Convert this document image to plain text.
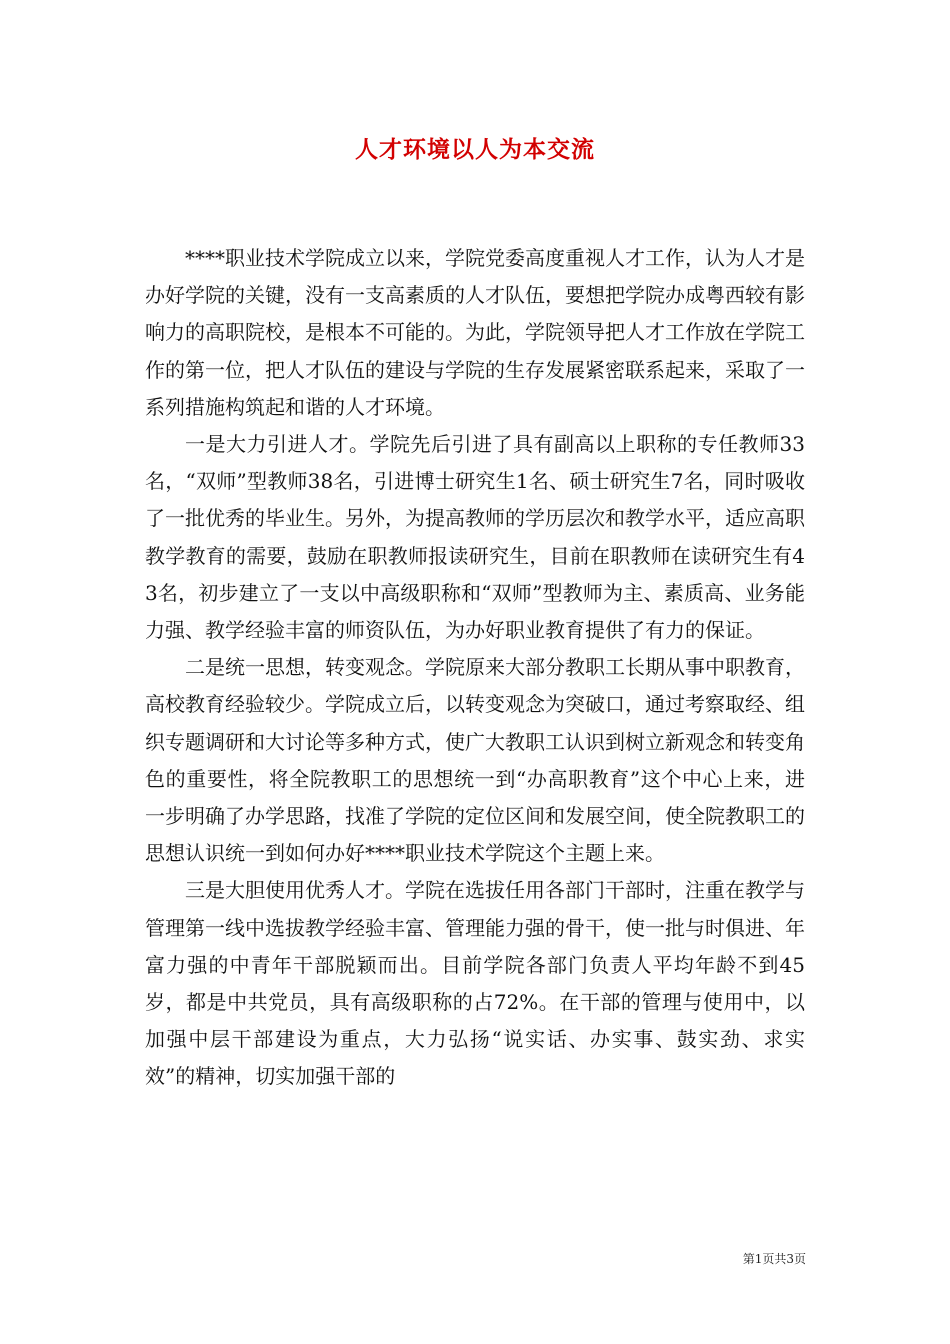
人才环境以人为本交流

****职业技术学院成立以来，学院党委高度重视人才工作，认为人才是办好学院的关键，没有一支高素质的人才队伍，要想把学院办成粤西较有影响力的高职院校，是根本不可能的。为此，学院领导把人才工作放在学院工作的第一位，把人才队伍的建设与学院的生存发展紧密联系起来，采取了一系列措施构筑起和谐的人才环境。

一是大力引进人才。学院先后引进了具有副高以上职称的专任教师33名，“双师”型教师38名，引进博士研究生1名、硕士研究生7名，同时吸收了一批优秀的毕业生。另外，为提高教师的学历层次和教学水平，适应高职教学教育的需要，鼓励在职教师报读研究生，目前在职教师在读研究生有43名，初步建立了一支以中高级职称和“双师”型教师为主、素质高、业务能力强、教学经验丰富的师资队伍，为办好职业教育提供了有力的保证。

二是统一思想，转变观念。学院原来大部分教职工长期从事中职教育，高校教育经验较少。学院成立后，以转变观念为突破口，通过考察取经、组织专题调研和大讨论等多种方式，使广大教职工认识到树立新观念和转变角色的重要性，将全院教职工的思想统一到“办高职教育”这个中心上来，进一步明确了办学思路，找准了学院的定位区间和发展空间，使全院教职工的思想认识统一到如何办好****职业技术学院这个主题上来。

三是大胆使用优秀人才。学院在选拔任用各部门干部时，注重在教学与管理第一线中选拔教学经验丰富、管理能力强的骨干，使一批与时俱进、年富力强的中青年干部脱颖而出。目前学院各部门负责人平均年龄不到45岁，都是中共党员，具有高级职称的占72%。在干部的管理与使用中，以加强中层干部建设为重点，大力弘扬“说实话、办实事、鼓实劲、求实效”的精神，切实加强干部的

第1页共3页
